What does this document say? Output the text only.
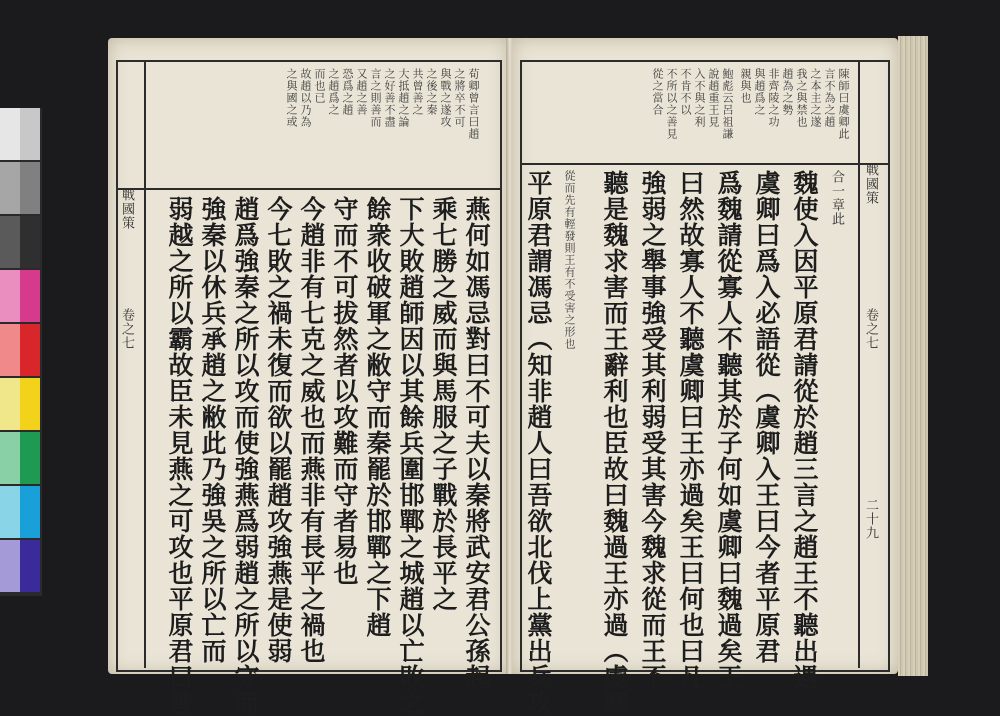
戰國策
卷之七
荀卿曾言曰趙
之將卒不可
與戰之遂攻
之後之秦
共曾善之
大抵趙之論
之好善不盡
言之則善而
又趙之善
恐爲之趙
之趙爲之
而也已
故趙以乃為
之與國之或
燕何如馮忌對曰不可夫以秦將武安君公孫起
乘七勝之威而與馬服之子戰於長平之
下大敗趙師因以其餘兵圍邯鄲之城趙以亡敗之
餘衆收破軍之敝守而秦罷於邯鄲之下趙
守而不可拔然者以攻難而守者易也
今趙非有七克之威也而燕非有長平之禍也
今七敗之禍未復而欲以罷趙攻強燕是使弱
趙爲強秦之所以攻而使強燕爲弱趙之所以守而
強秦以休兵承趙之敝此乃強吳之所以亡而
弱越之所以霸故臣未見燕之可攻也平原君曰善
戰國策
卷之七
二十九
陳師曰虞卿此
言不為之趙
之本主之遂
我之與禁也
趙為之勢
非齊陵之功
與趙爲之
親與也
鮑彪云呂祖謙
說趙重王見
入不與之利
不肯不以
不所以之善見
從之當合
合一章此
魏使入因平原君請從於趙三言之趙王不聽出遇
虞卿曰爲入必語從（虞卿入王曰今者平原君
爲魏請從寡人不聽其於子何如虞卿曰魏過矣王
曰然故寡人不聽虞卿曰王亦過矣王曰何也曰凡
強弱之舉事強受其利弱受其害今魏求從而王不
聽是魏求害而王辭利也臣故曰魏過王亦過（虞卿
從而先有輕發則王有不受害之形也
平原君謂馮忌（知非趙人曰吾欲北伐上黨出兵攻
